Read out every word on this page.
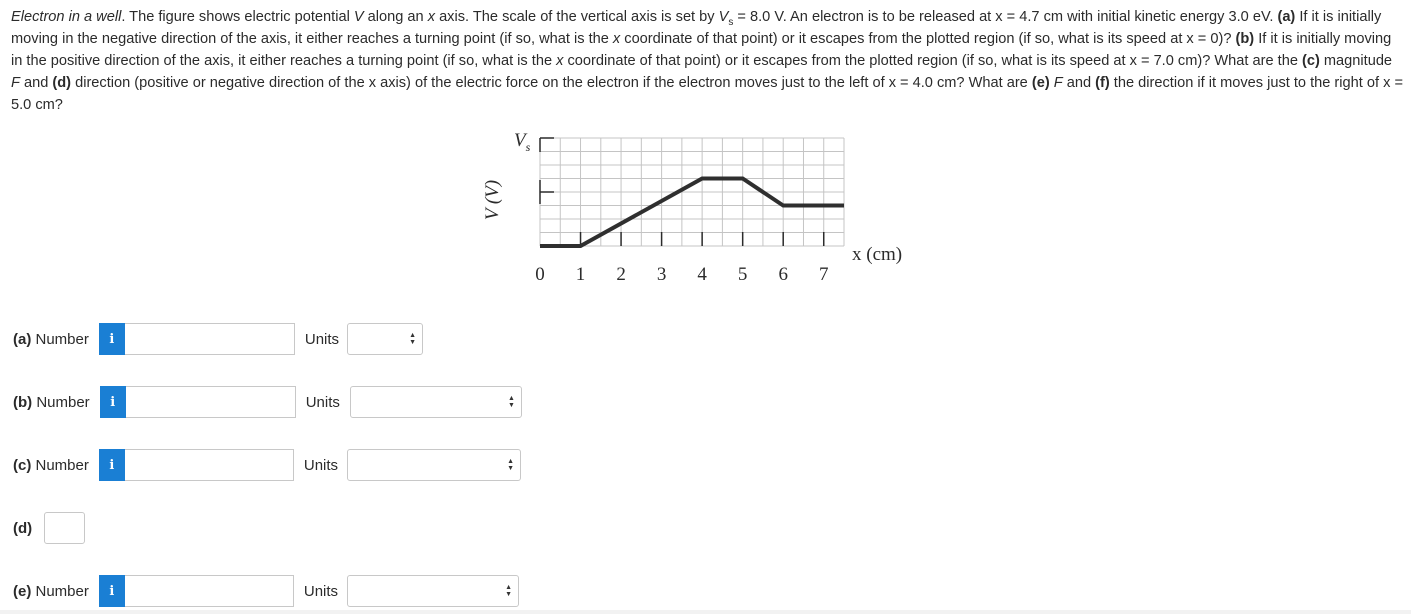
Electron in a well. The figure shows electric potential V along an x axis. The scale of the vertical axis is set by $V_s = 8.0$ V. An electron is to be released at x = 4.7 cm with initial kinetic energy 3.0 eV. (a) If it is initially moving in the negative direction of the axis, it either reaches a turning point (if so, what is the x coordinate of that point) or it escapes from the plotted region (if so, what is its speed at x = 0)? (b) If it is initially moving in the positive direction of the axis, it either reaches a turning point (if so, what is the x coordinate of that point) or it escapes from the plotted region (if so, what is its speed at x = 7.0 cm)? What are the (c) magnitude F and (d) direction (positive or negative direction of the x axis) of the electric force on the electron if the electron moves just to the left of x = 4.0 cm? What are (e) F and (f) the direction if it moves just to the right of x = 5.0 cm?
$V_s$
V (V)
x (cm)
0 1 2 3 4 5 6 7
(a) Number	i	Units	▲
▼
(b) Number	i	Units	▲
▼
(c) Number	i	Units	▲
▼
(d)
(e) Number	i	Units	▲
▼
